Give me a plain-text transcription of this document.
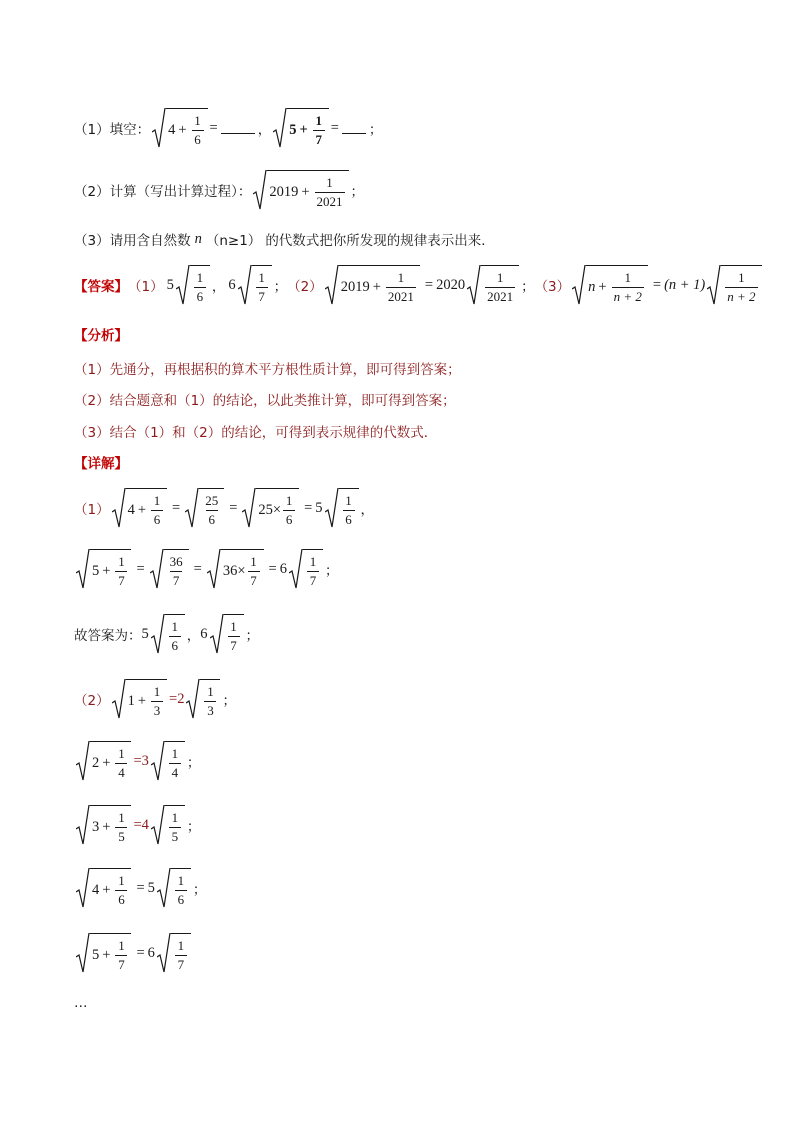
（1）填空： $4 + \frac{1}{6}$ =	， $5 + \frac{1}{7}$ = ；
（2）计算（写出计算过程）： $2019 + \frac{1}{2021}$ ；
（3）请用含自然数 n （n≥1） 的代数式把你所发现的规律表示出来．
【答案】 （1） $5 \frac{1}{6}$ ， $6 \frac{1}{7}$ ； （2） $2019 + \frac{1}{2021} = 2020 \frac{1}{2021}$ ； （3） $n + \frac{1}{n + 2} = (n + 1) \frac{1}{n + 2}$
【分析】
（1）先通分，再根据积的算术平方根性质计算，即可得到答案；
（2）结合题意和（1）的结论，以此类推计算，即可得到答案；
（3）结合（1）和（2）的结论，可得到表示规律的代数式．
【详解】
（1） $4 + \frac{1}{6} = \frac{25}{6} = 25\times \frac{1}{6} = 5 \frac{1}{6}$ ，
$5 + \frac{1}{7} = \frac{36}{7} = 36\times \frac{1}{7} = 6 \frac{1}{7}$ ；
故答案为： $5 \frac{1}{6}$ ， $6 \frac{1}{7}$ ；
（2） $1 + \frac{1}{3} =2 \frac{1}{3}$ ；
$2 + \frac{1}{4} =3 \frac{1}{4}$ ；
$3 + \frac{1}{5} =4 \frac{1}{5}$ ；
$4 + \frac{1}{6} = 5 \frac{1}{6}$ ；
$5 + \frac{1}{7} = 6 \frac{1}{7}$
…
